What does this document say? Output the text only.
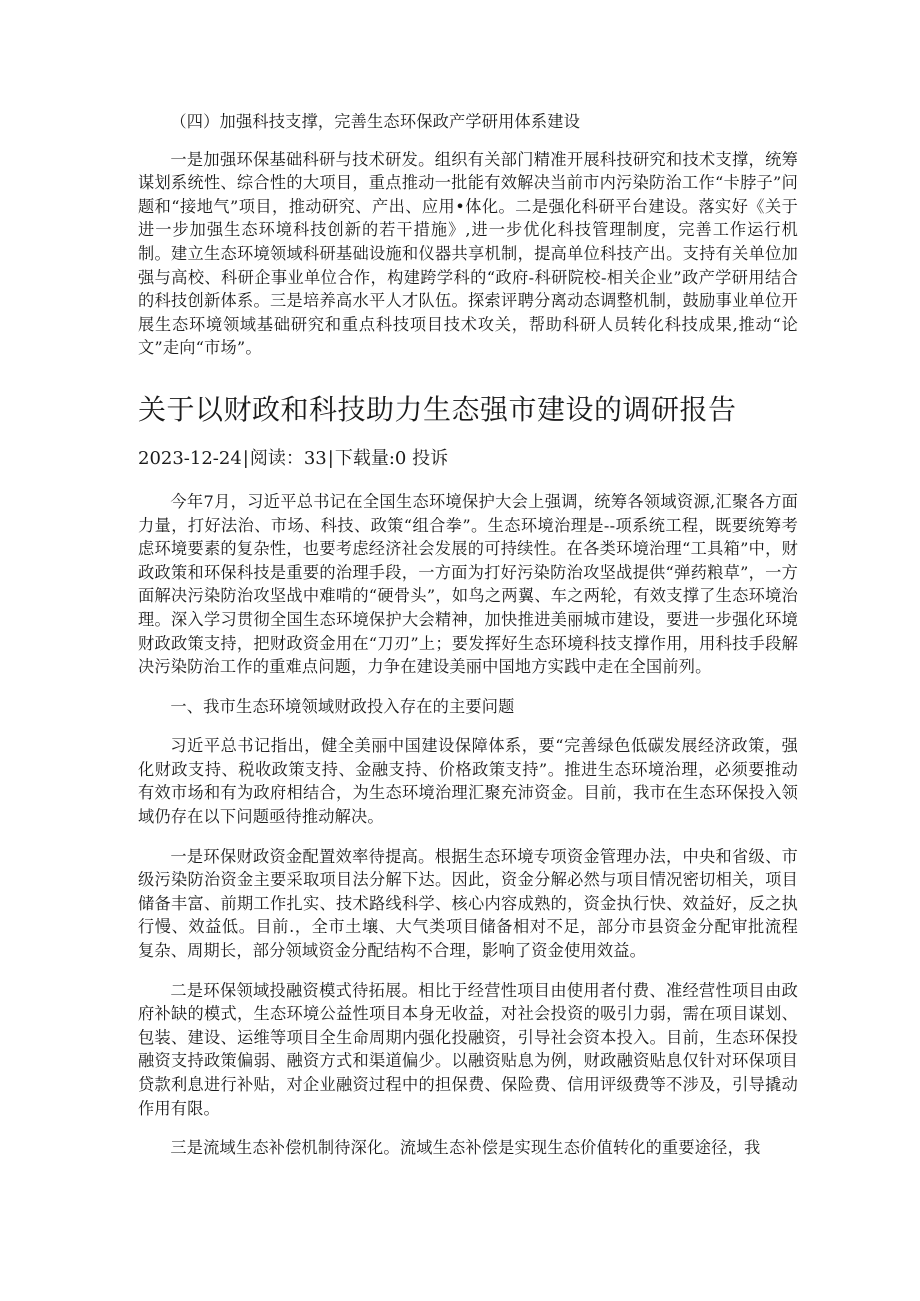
（四）加强科技支撑，完善生态环保政产学研用体系建设

一是加强环保基础科研与技术研发。组织有关部门精准开展科技研究和技术支撑，统筹谋划系统性、综合性的大项目，重点推动一批能有效解决当前市内污染防治工作“卡脖子”问题和“接地气”项目，推动研究、产出、应用•体化。二是强化科研平台建设。落实好《关于进一步加强生态环境科技创新的若干措施》,进一步优化科技管理制度，完善工作运行机制。建立生态环境领域科研基础设施和仪器共享机制，提高单位科技产出。支持有关单位加强与高校、科研企事业单位合作，构建跨学科的“政府-科研院校-相关企业”政产学研用结合的科技创新体系。三是培养高水平人才队伍。探索评聘分离动态调整机制，鼓励事业单位开展生态环境领域基础研究和重点科技项目技术攻关，帮助科研人员转化科技成果,推动“论文”走向“市场”。

关于以财政和科技助力生态强市建设的调研报告

2023-12-24|阅读：33|下载量:0 投诉

今年7月，习近平总书记在全国生态环境保护大会上强调，统筹各领域资源,汇聚各方面力量，打好法治、市场、科技、政策“组合拳”。生态环境治理是--项系统工程，既要统筹考虑环境要素的复杂性，也要考虑经济社会发展的可持续性。在各类环境治理“工具箱”中，财政政策和环保科技是重要的治理手段，一方面为打好污染防治攻坚战提供“弹药粮草”，一方面解决污染防治攻坚战中难啃的“硬骨头”，如鸟之两翼、车之两轮，有效支撑了生态环境治理。深入学习贯彻全国生态环境保护大会精神，加快推进美丽城市建设，要进一步强化环境财政政策支持，把财政资金用在“刀刃”上；要发挥好生态环境科技支撑作用，用科技手段解决污染防治工作的重难点问题，力争在建设美丽中国地方实践中走在全国前列。

一、我市生态环境领域财政投入存在的主要问题

习近平总书记指出，健全美丽中国建设保障体系，要“完善绿色低碳发展经济政策，强化财政支持、税收政策支持、金融支持、价格政策支持”。推进生态环境治理，必须要推动有效市场和有为政府相结合，为生态环境治理汇聚充沛资金。目前，我市在生态环保投入领域仍存在以下问题亟待推动解决。

一是环保财政资金配置效率待提高。根据生态环境专项资金管理办法，中央和省级、市级污染防治资金主要采取项目法分解下达。因此，资金分解必然与项目情况密切相关，项目储备丰富、前期工作扎实、技术路线科学、核心内容成熟的，资金执行快、效益好，反之执行慢、效益低。目前.，全市土壤、大气类项目储备相对不足，部分市县资金分配审批流程复杂、周期长，部分领域资金分配结构不合理，影响了资金使用效益。

二是环保领域投融资模式待拓展。相比于经营性项目由使用者付费、准经营性项目由政府补缺的模式，生态环境公益性项目本身无收益，对社会投资的吸引力弱，需在项目谋划、包装、建设、运维等项目全生命周期内强化投融资，引导社会资本投入。目前，生态环保投融资支持政策偏弱、融资方式和渠道偏少。以融资贴息为例，财政融资贴息仅针对环保项目贷款利息进行补贴，对企业融资过程中的担保费、保险费、信用评级费等不涉及，引导撬动作用有限。

三是流域生态补偿机制待深化。流域生态补偿是实现生态价值转化的重要途径，我
